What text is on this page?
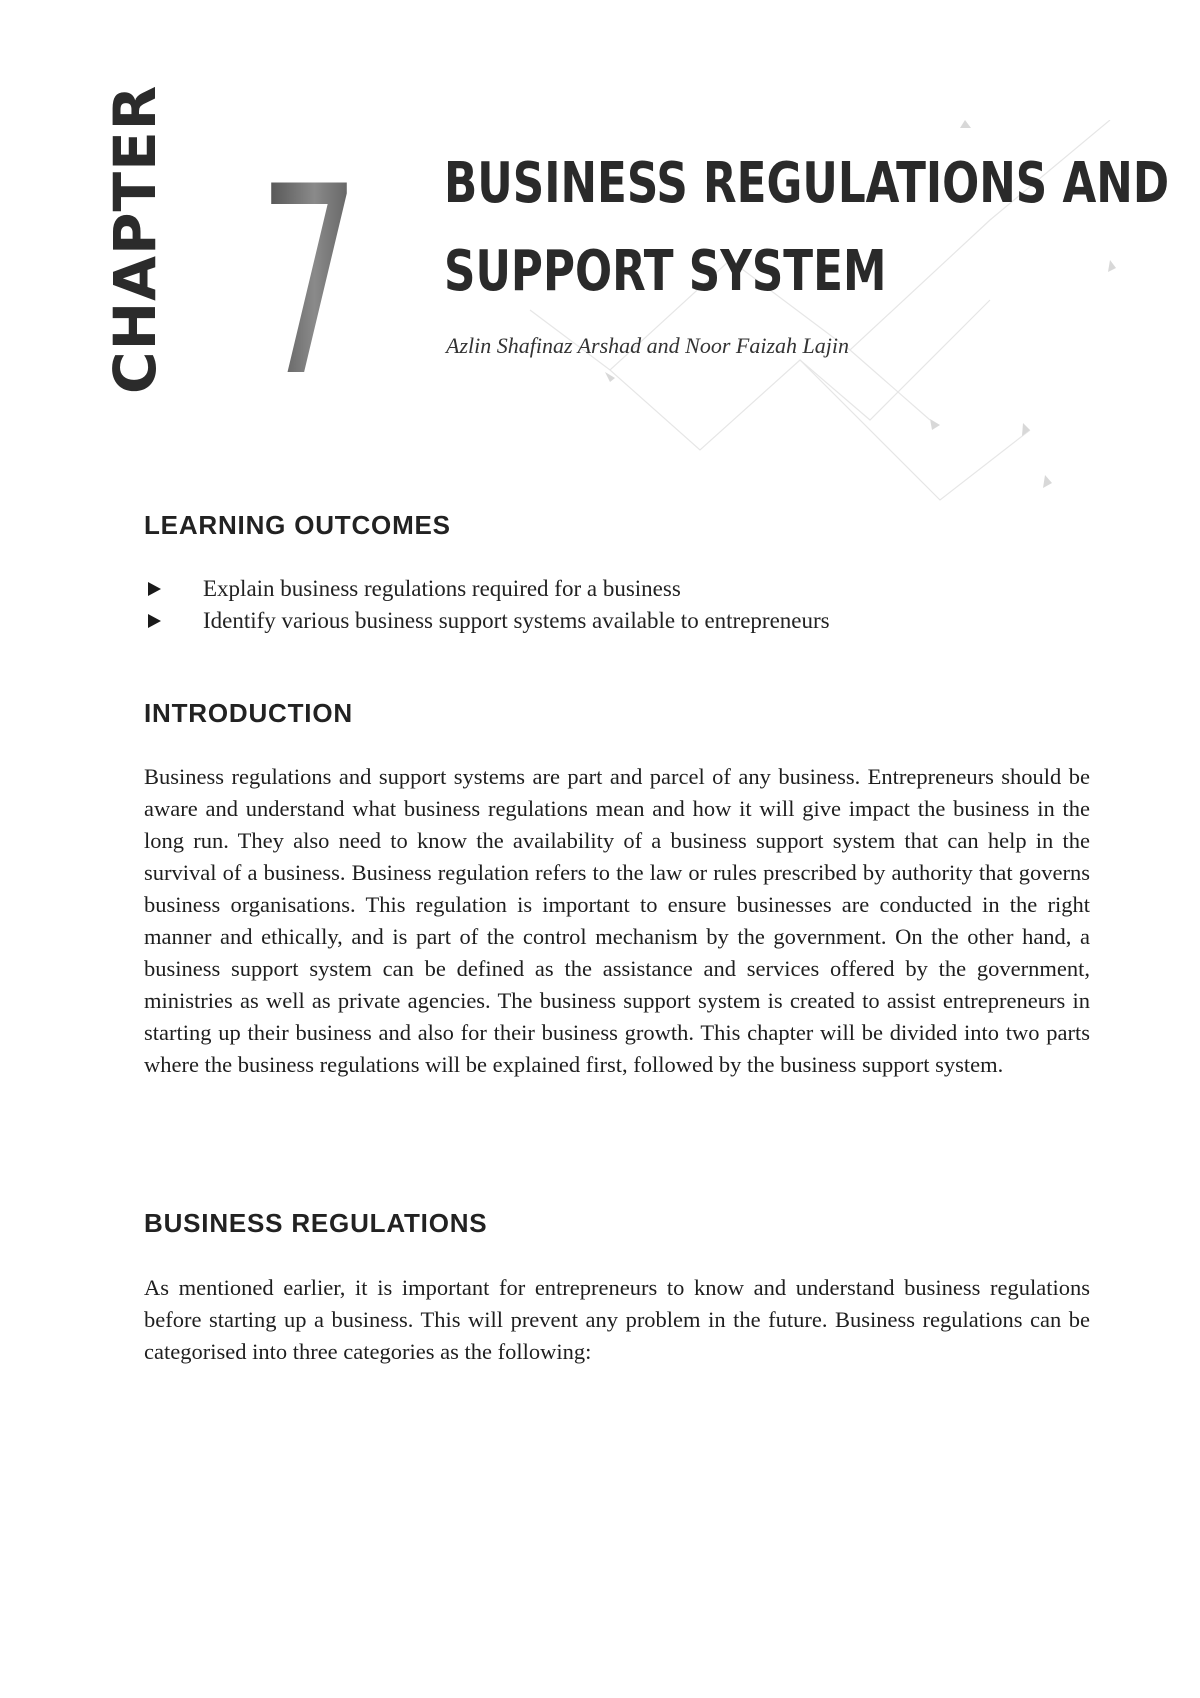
CHAPTER 7 BUSINESS REGULATIONS AND
SUPPORT SYSTEM

Azlin Shafinaz Arshad and Noor Faizah Lajin

LEARNING OUTCOMES
Explain business regulations required for a business
Identify various business support systems available to entrepreneurs
INTRODUCTION

Business regulations and support systems are part and parcel of any business. Entrepreneurs should be aware and understand what business regulations mean and how it will give impact the business in the long run. They also need to know the availability of a business support system that can help in the survival of a business. Business regulation refers to the law or rules prescribed by authority that governs business organisations. This regulation is important to ensure businesses are conducted in the right manner and ethically, and is part of the control mechanism by the government. On the other hand, a business support system can be defined as the assistance and services offered by the government, ministries as well as private agencies. The business support system is created to assist entrepreneurs in starting up their business and also for their business growth. This chapter will be divided into two parts where the business regulations will be explained first, followed by the business support system.

BUSINESS REGULATIONS

As mentioned earlier, it is important for entrepreneurs to know and understand business regulations before starting up a business. This will prevent any problem in the future. Business regulations can be categorised into three categories as the following:
